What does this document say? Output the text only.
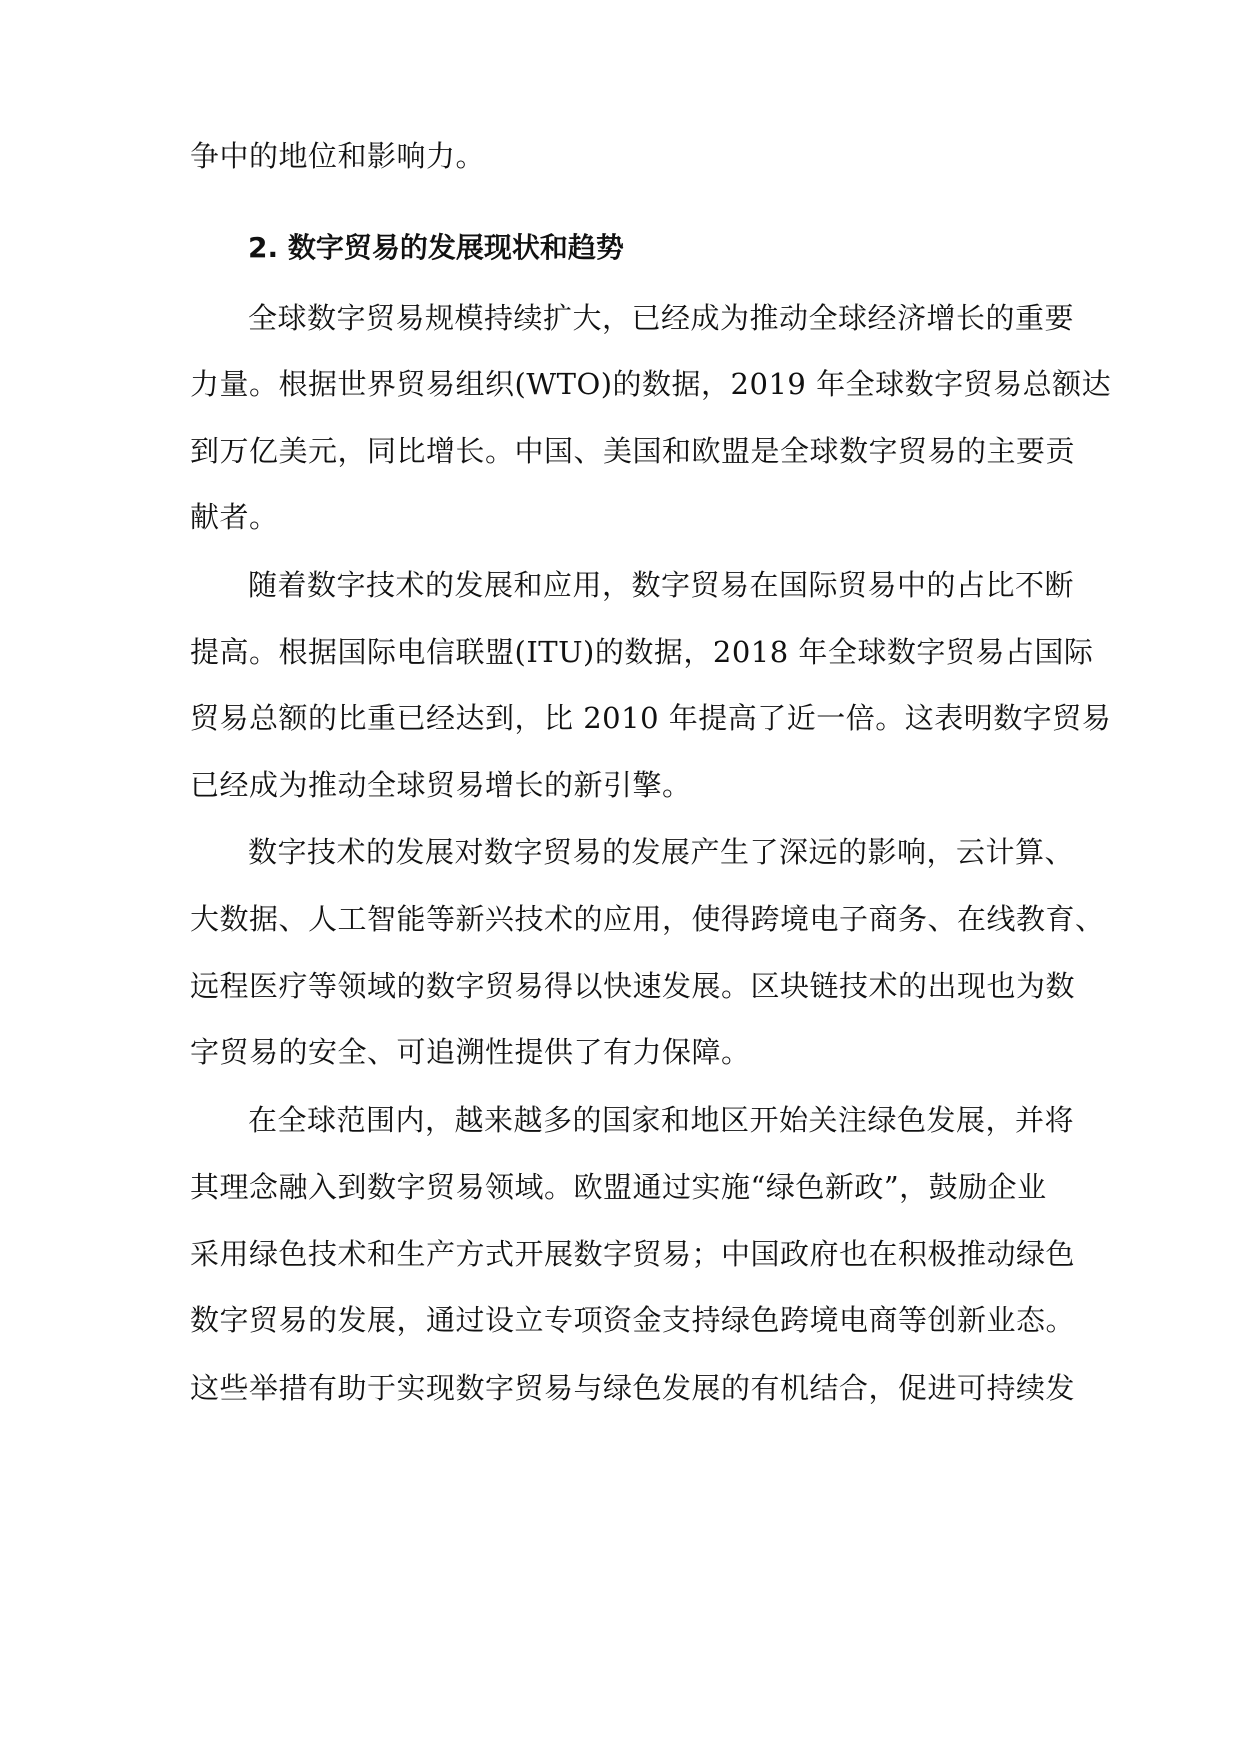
争中的地位和影响力。
2. 数字贸易的发展现状和趋势
全球数字贸易规模持续扩大，已经成为推动全球经济增长的重要
力量。根据世界贸易组织(WTO)的数据，2019 年全球数字贸易总额达
到万亿美元，同比增长。中国、美国和欧盟是全球数字贸易的主要贡
献者。
随着数字技术的发展和应用，数字贸易在国际贸易中的占比不断
提高。根据国际电信联盟(ITU)的数据，2018 年全球数字贸易占国际
贸易总额的比重已经达到，比 2010 年提高了近一倍。这表明数字贸易
已经成为推动全球贸易增长的新引擎。
数字技术的发展对数字贸易的发展产生了深远的影响，云计算、
大数据、人工智能等新兴技术的应用，使得跨境电子商务、在线教育、
远程医疗等领域的数字贸易得以快速发展。区块链技术的出现也为数
字贸易的安全、可追溯性提供了有力保障。
在全球范围内，越来越多的国家和地区开始关注绿色发展，并将
其理念融入到数字贸易领域。欧盟通过实施“绿色新政”，鼓励企业
采用绿色技术和生产方式开展数字贸易；中国政府也在积极推动绿色
数字贸易的发展，通过设立专项资金支持绿色跨境电商等创新业态。
这些举措有助于实现数字贸易与绿色发展的有机结合，促进可持续发
